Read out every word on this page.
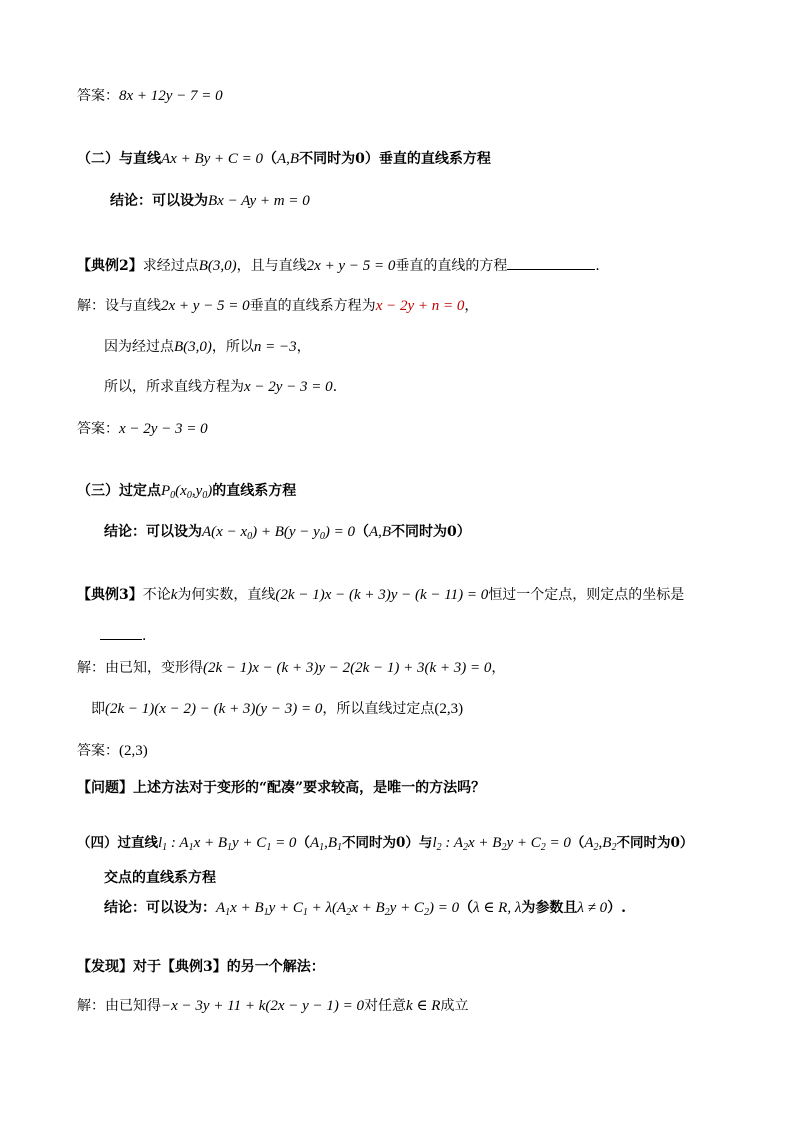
答案：8x + 12y − 7 = 0
（二）与直线Ax + By + C = 0（A,B不同时为0）垂直的直线系方程
结论：可以设为Bx − Ay + m = 0
【典例2】求经过点B(3,0)，且与直线2x + y − 5 = 0垂直的直线的方程	．
解：设与直线2x + y − 5 = 0垂直的直线系方程为x − 2y + n = 0，
因为经过点B(3,0)，所以n = −3，
所以，所求直线方程为x − 2y − 3 = 0．
答案：x − 2y − 3 = 0
（三）过定点$P_0(x_0,y_0)$的直线系方程
结论：可以设为$A(x - x_0) + B(y - y_0) = 0(A,B$不同时为0）
【典例3】不论k为何实数，直线(2k − 1)x − (k + 3)y − (k − 11) = 0恒过一个定点，则定点的坐标是
．
解：由已知，变形得(2k − 1)x − (k + 3)y − 2(2k − 1) + 3(k + 3) = 0，
即(2k − 1)(x − 2) − (k + 3)(y − 3) = 0，所以直线过定点(2,3)
答案：(2,3)
【问题】上述方法对于变形的“配凑”要求较高，是唯一的方法吗？
（四）过直线$l_1$ : $A_1x + B_1y + C_1 = 0(A_1,B_1$不同时为0）与$l_2$ : $A_2x + B_2y + C_2 = 0(A_2,B_2$不同时为0）
交点的直线系方程
结论：可以设为：$A_1x + B_1y + C_1 + \lambda(A_2x + B_2y + C_2) = 0(\lambda$ ∈ R, λ为参数且λ ≠ 0）.
【发现】对于【典例3】的另一个解法：
解：由已知得−x − 3y + 11 + k(2x − y − 1) = 0对任意k ∈ R成立
